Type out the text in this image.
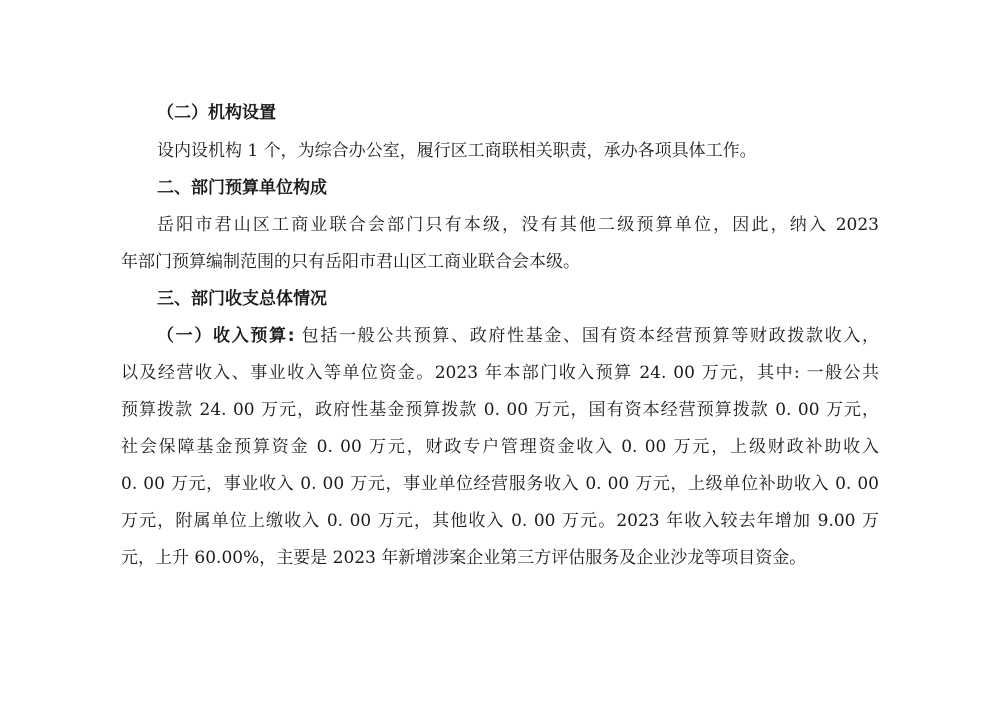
（二）机构设置
设内设机构 1 个，为综合办公室，履行区工商联相关职责，承办各项具体工作。
二、部门预算单位构成
岳阳市君山区工商业联合会部门只有本级，没有其他二级预算单位，因此，纳入 2023
年部门预算编制范围的只有岳阳市君山区工商业联合会本级。
三、部门收支总体情况
（一）收入预算: 包括一般公共预算、政府性基金、国有资本经营预算等财政拨款收入，
以及经营收入、事业收入等单位资金。2023 年本部门收入预算 24. 00 万元，其中: 一般公共
预算拨款 24. 00 万元，政府性基金预算拨款 0. 00 万元，国有资本经营预算拨款 0. 00 万元，
社会保障基金预算资金 0. 00 万元，财政专户管理资金收入 0. 00 万元，上级财政补助收入
0. 00 万元，事业收入 0. 00 万元，事业单位经营服务收入 0. 00 万元，上级单位补助收入 0. 00
万元，附属单位上缴收入 0. 00 万元，其他收入 0. 00 万元。2023 年收入较去年增加 9.00 万
元，上升 60.00%，主要是 2023 年新增涉案企业第三方评估服务及企业沙龙等项目资金。
